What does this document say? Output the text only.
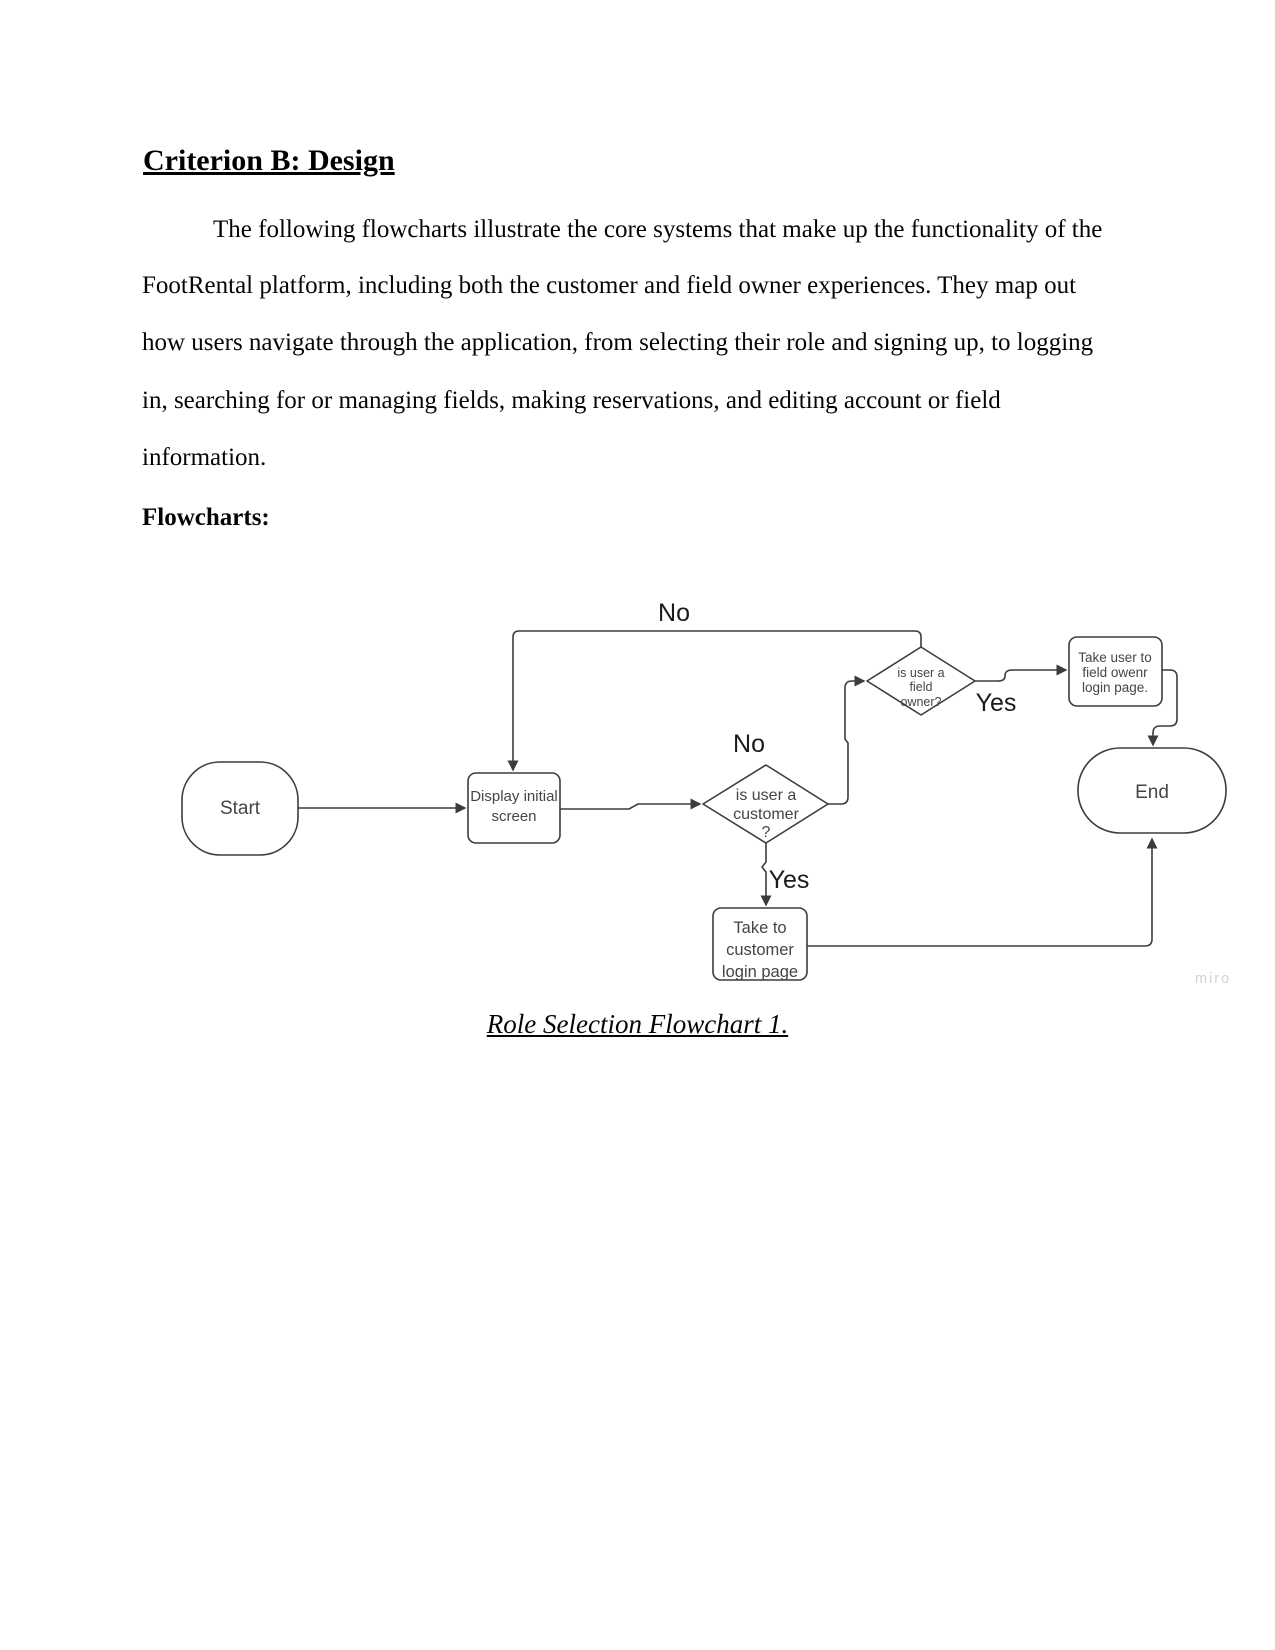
Criterion B: Design
The following flowcharts illustrate the core systems that make up the functionality of the
FootRental platform, including both the customer and field owner experiences. They map out
how users navigate through the application, from selecting their role and signing up, to logging
in, searching for or managing fields, making reservations, and editing account or field
information.
Flowcharts:
Start
Display initial
screen
is user a
customer
?
is user a
field
owner?
Take user to
field owenr
login page.
Take to
customer
login page
End
No
No
Yes
Yes
miro
Role Selection Flowchart 1.
